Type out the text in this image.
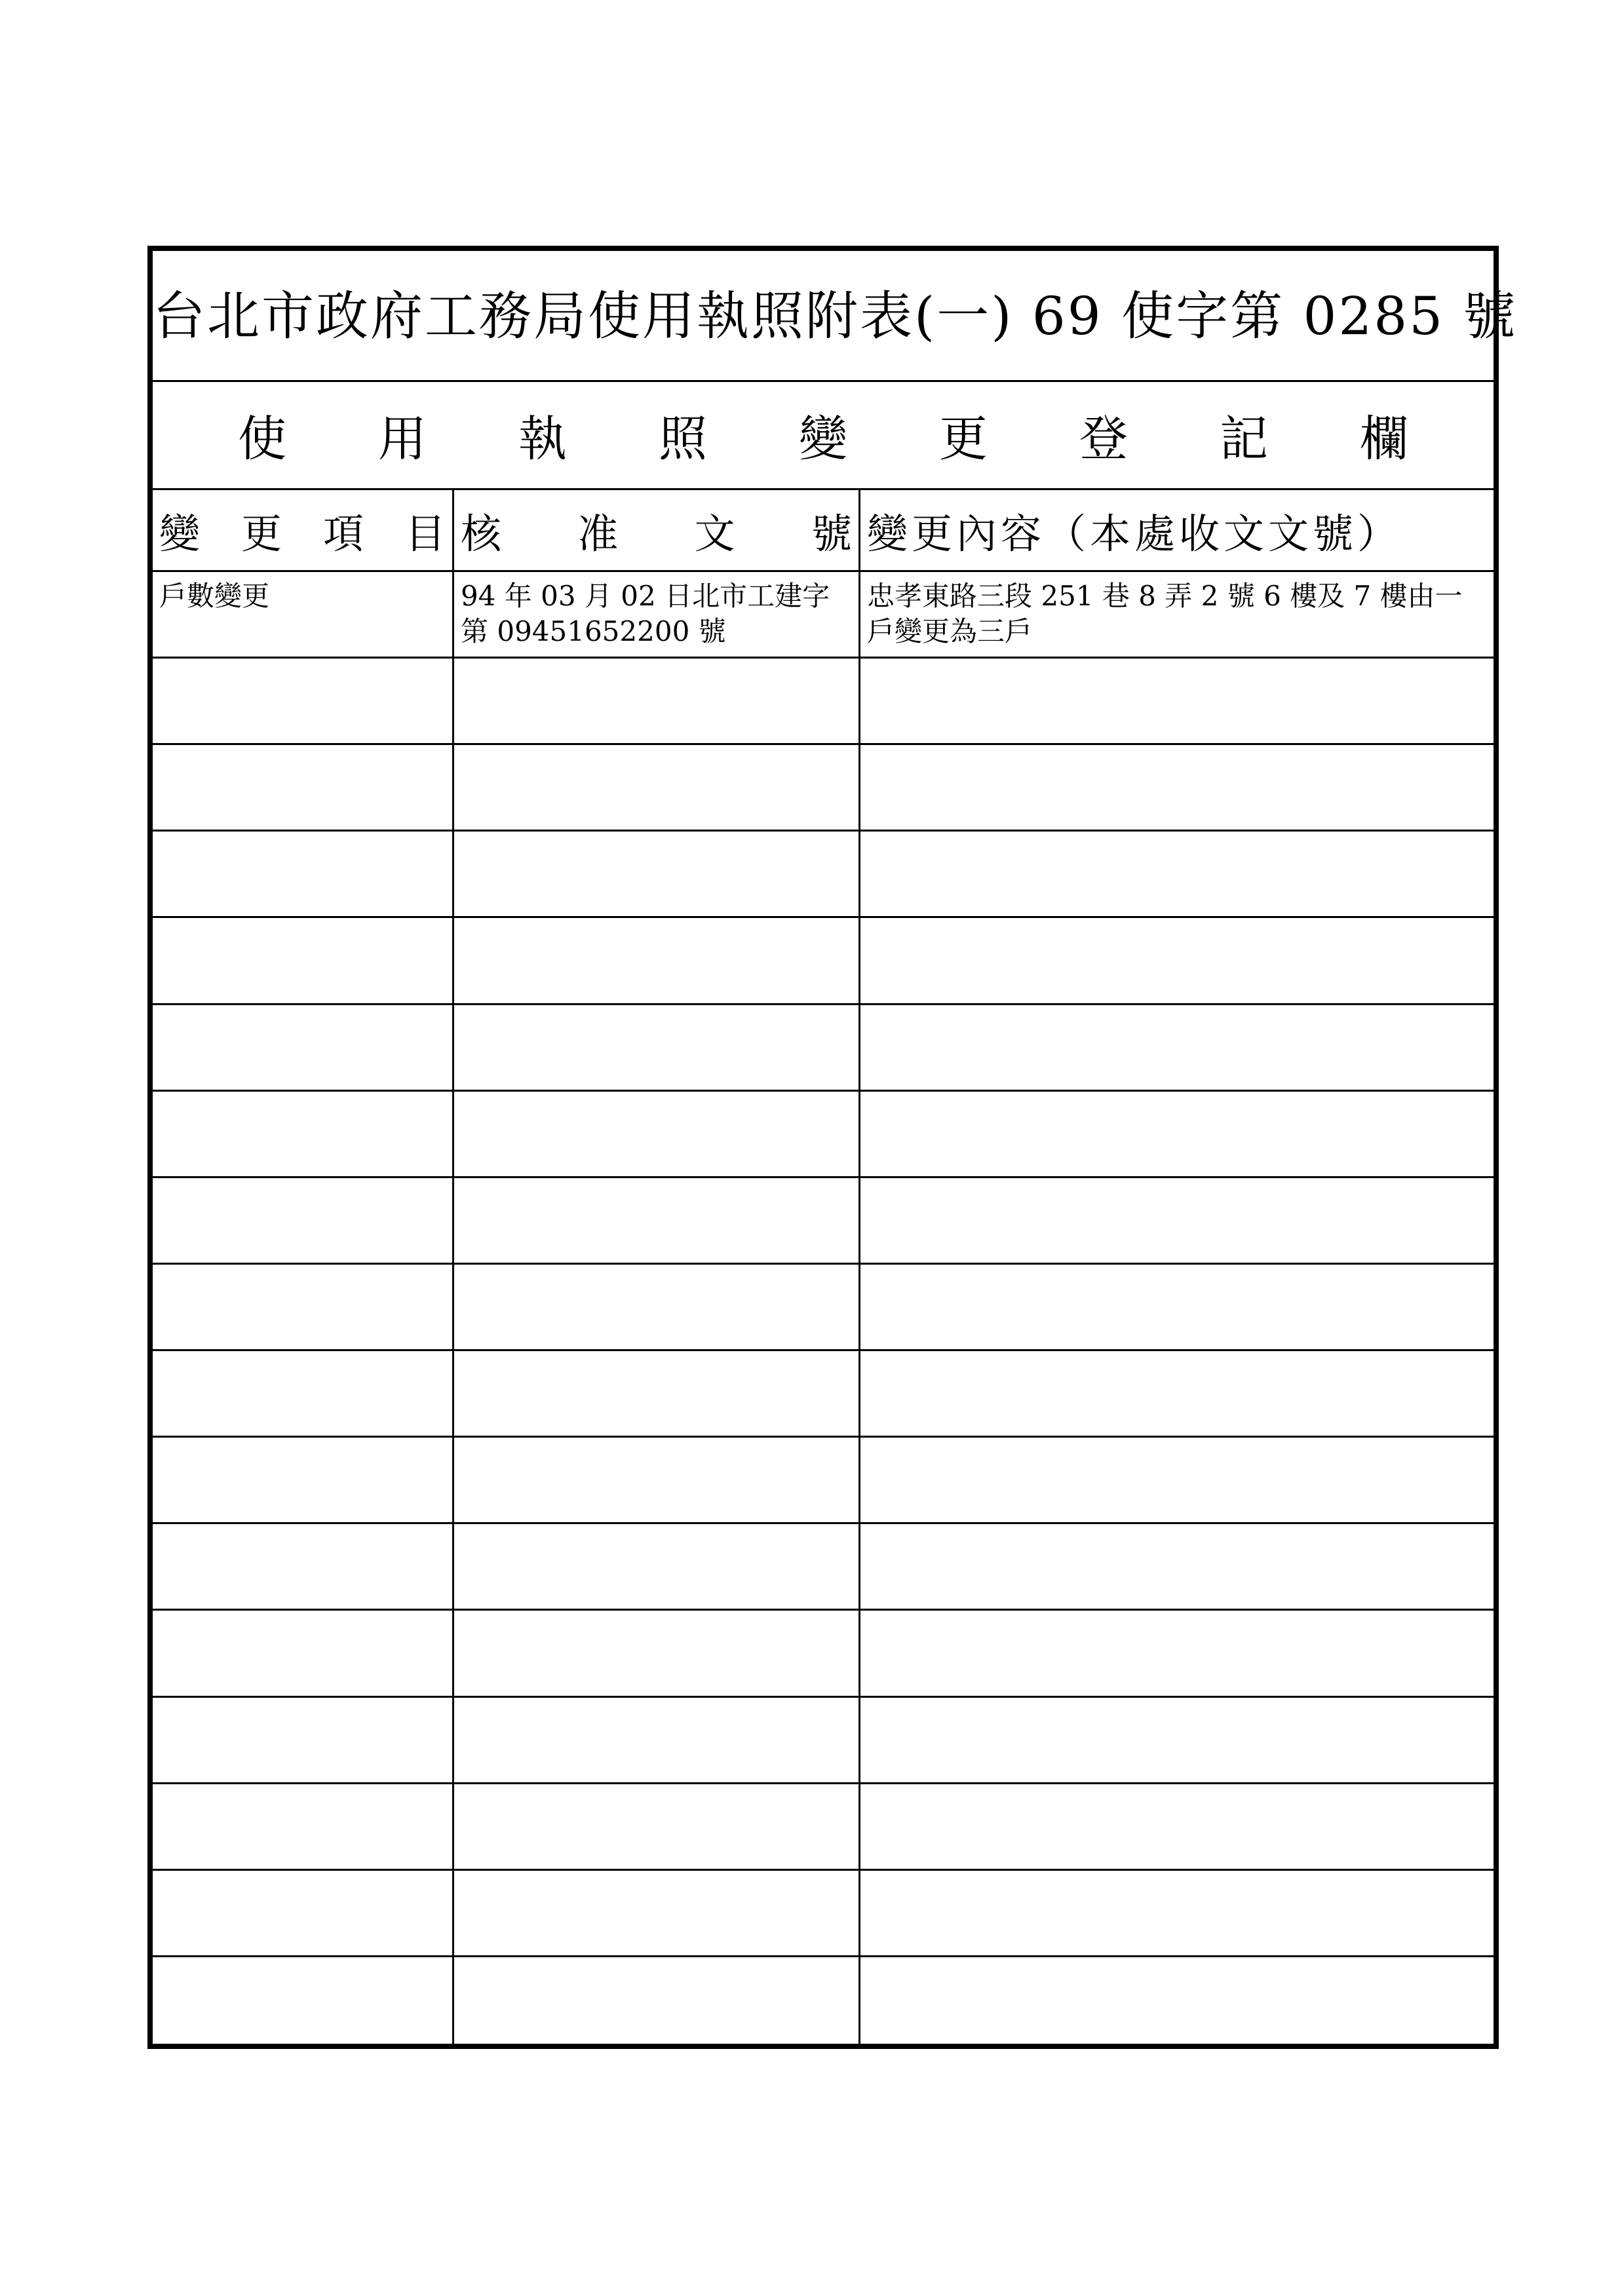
台北市政府工務局使用執照附表(一) 69 使字第 0285 號
使 用 執 照 變 更 登 記 欄
變 更 項 目 核 准 文 號 變更內容（本處收文文號）
戶數變更	94 年 03 月 02 日北市工建字第 09451652200 號
忠孝東路三段 251 巷 8 弄 2 號 6 樓及 7 樓由一戶變更為三戶
